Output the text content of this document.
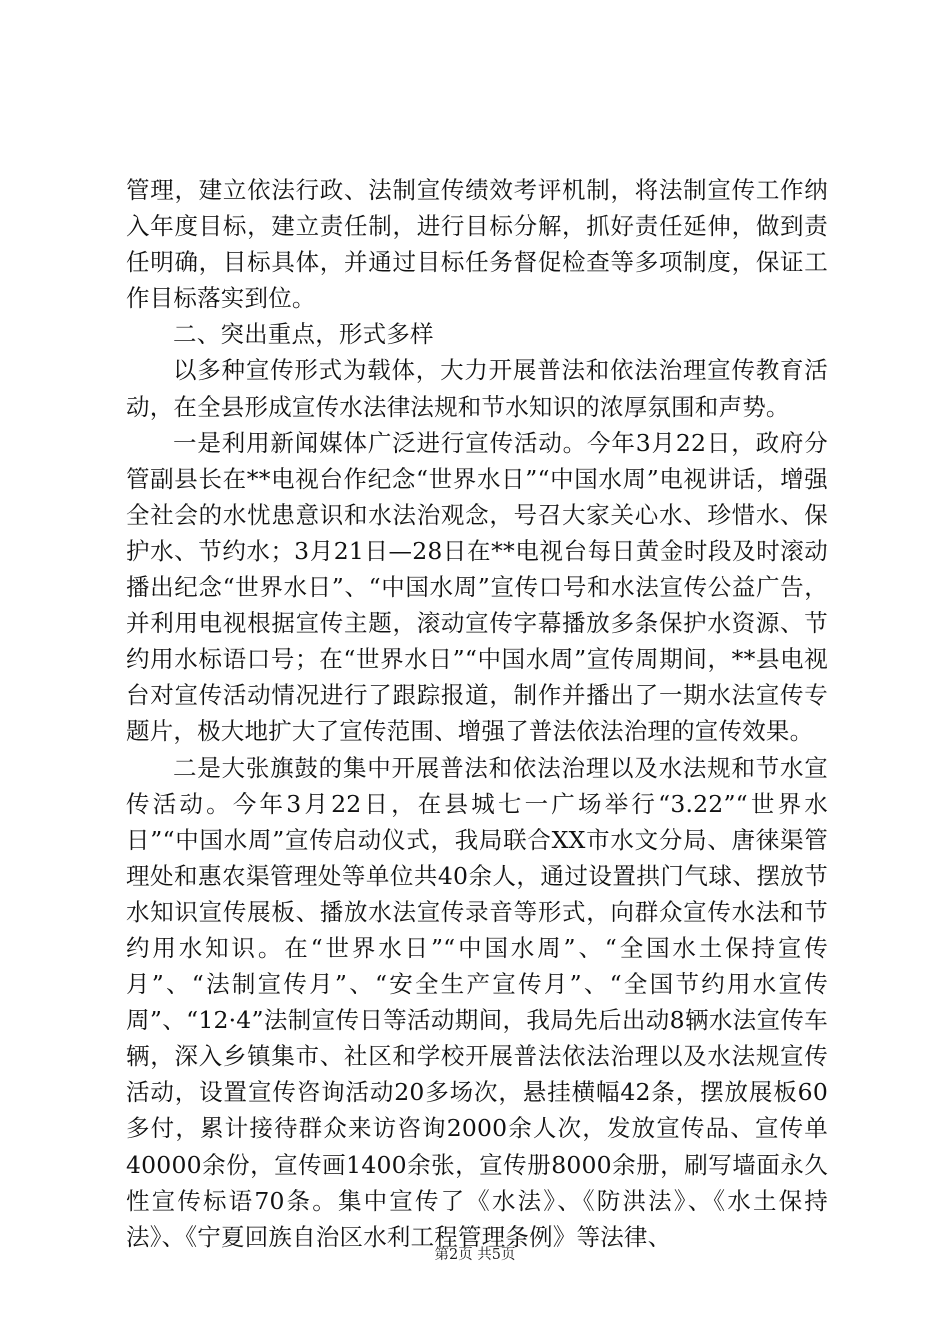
管理，建立依法行政、法制宣传绩效考评机制，将法制宣传工作纳入年度目标，建立责任制，进行目标分解，抓好责任延伸，做到责任明确，目标具体，并通过目标任务督促检查等多项制度，保证工作目标落实到位。

二、突出重点，形式多样

以多种宣传形式为载体，大力开展普法和依法治理宣传教育活动，在全县形成宣传水法律法规和节水知识的浓厚氛围和声势。

一是利用新闻媒体广泛进行宣传活动。今年3月22日，政府分管副县长在**电视台作纪念“世界水日”“中国水周”电视讲话，增强全社会的水忧患意识和水法治观念，号召大家关心水、珍惜水、保护水、节约水；3月21日—28日在**电视台每日黄金时段及时滚动播出纪念“世界水日”、“中国水周”宣传口号和水法宣传公益广告，并利用电视根据宣传主题，滚动宣传字幕播放多条保护水资源、节约用水标语口号；在“世界水日”“中国水周”宣传周期间，**县电视台对宣传活动情况进行了跟踪报道，制作并播出了一期水法宣传专题片，极大地扩大了宣传范围、增强了普法依法治理的宣传效果。

二是大张旗鼓的集中开展普法和依法治理以及水法规和节水宣传活动。今年3月22日，在县城七一广场举行“3.22”“世界水日”“中国水周”宣传启动仪式，我局联合XX市水文分局、唐徕渠管理处和惠农渠管理处等单位共40余人，通过设置拱门气球、摆放节水知识宣传展板、播放水法宣传录音等形式，向群众宣传水法和节约用水知识。在“世界水日”“中国水周”、“全国水土保持宣传月”、“法制宣传月”、“安全生产宣传月”、“全国节约用水宣传周”、“12·4”法制宣传日等活动期间，我局先后出动8辆水法宣传车辆，深入乡镇集市、社区和学校开展普法依法治理以及水法规宣传活动，设置宣传咨询活动20多场次，悬挂横幅42条，摆放展板60多付，累计接待群众来访咨询2000余人次，发放宣传品、宣传单40000余份，宣传画1400余张，宣传册8000余册，刷写墙面永久性宣传标语70条。集中宣传了《水法》、《防洪法》、《水土保持法》、《宁夏回族自治区水利工程管理条例》等法律、

第2页 共5页
